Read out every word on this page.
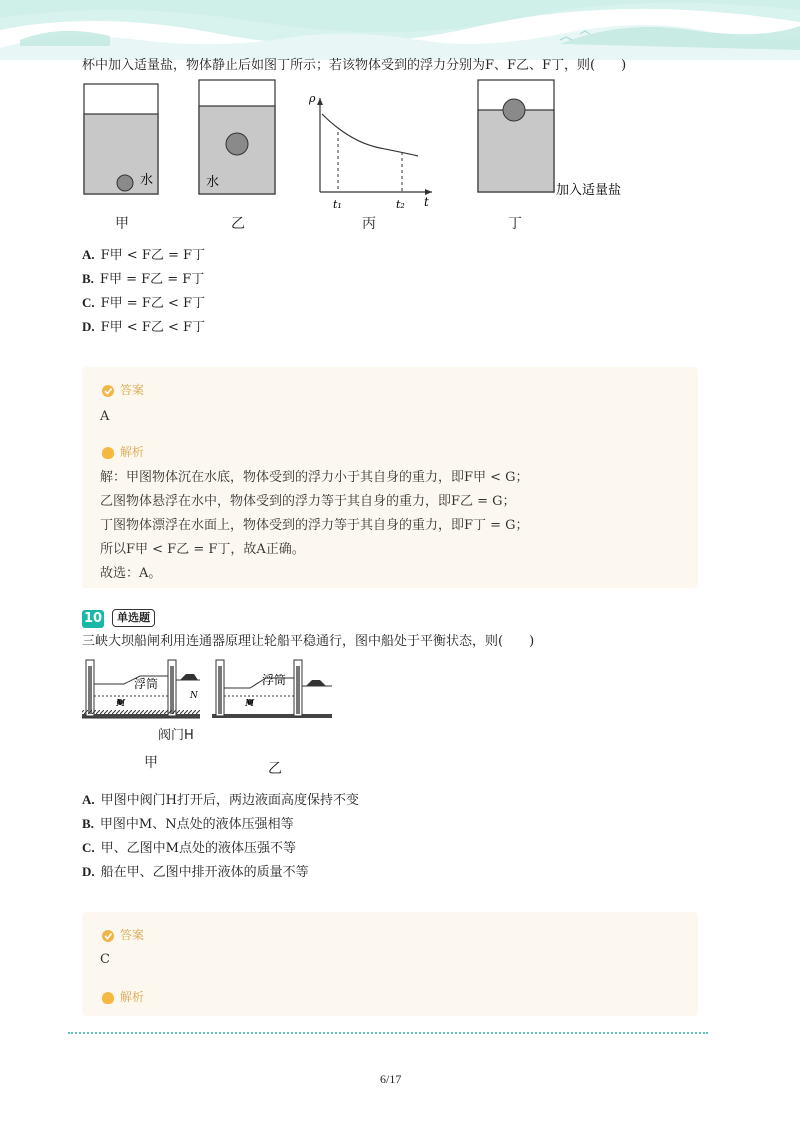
杯中加入适量盐，物体静止后如图丁所示；若该物体受到的浮力分别为F、F乙、F丁，则(　　)
水	水
ρ
t
t₁	t₂
加入适量盐
甲	乙	丙	丁
A. F甲 < F乙 = F丁
B. F甲 = F乙 = F丁
C. F甲 = F乙 < F丁
D. F甲 < F乙 < F丁
答案
A
解析
解：甲图物体沉在水底，物体受到的浮力小于其自身的重力，即F甲 < G；
乙图物体悬浮在水中，物体受到的浮力等于其自身的重力，即F乙 = G；
丁图物体漂浮在水面上，物体受到的浮力等于其自身的重力，即F丁 = G；
所以F甲 < F乙 = F丁，故A正确。
故选：A。
10	单选题
三峡大坝船闸利用连通器原理让轮船平稳通行，图中船处于平衡状态，则(　　)
浮筒	浮筒
M
N
M
阀门H
甲	乙
A. 甲图中阀门H打开后，两边液面高度保持不变
B. 甲图中M、N点处的液体压强相等
C. 甲、乙图中M点处的液体压强不等
D. 船在甲、乙图中排开液体的质量不等
答案
C
解析
6/17
